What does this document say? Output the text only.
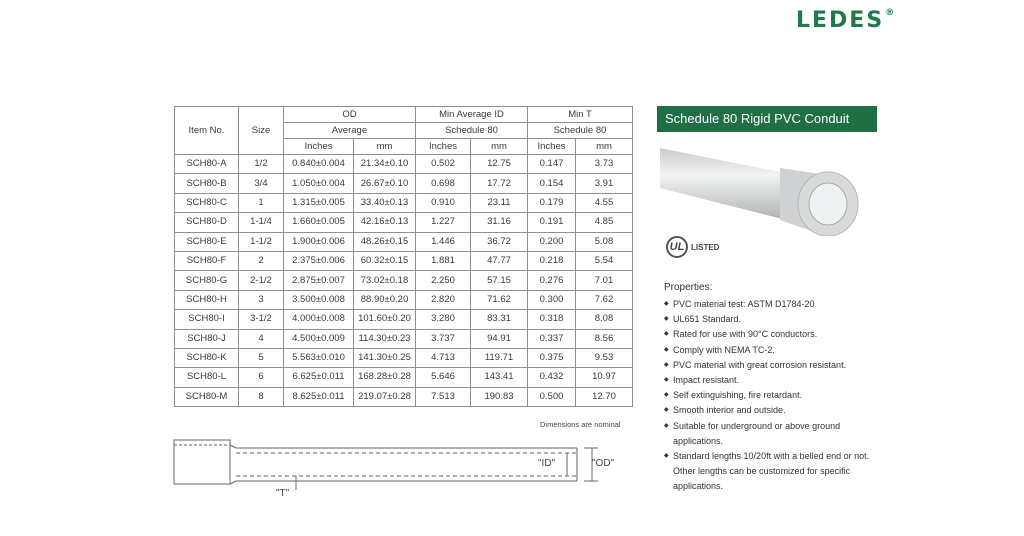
LEDES®
Item No.	Size	OD		Min Average ID		Min T	
		Average		Schedule 80		Schedule 80	
		Inches	mm	Inches	mm	Inches	mm
SCH80-A	1/2	0.840±0.004	21.34±0.10	0.502	12.75	0.147	3.73
SCH80-B	3/4	1.050±0.004	26.67±0.10	0.698	17.72	0.154	3.91
SCH80-C	1	1.315±0.005	33.40±0.13	0.910	23.11	0.179	4.55
SCH80-D	1-1/4	1.660±0.005	42.16±0.13	1.227	31.16	0.191	4.85
SCH80-E	1-1/2	1.900±0.006	48.26±0.15	1.446	36.72	0.200	5.08
SCH80-F	2	2.375±0.006	60.32±0.15	1.881	47.77	0.218	5.54
SCH80-G	2-1/2	2.875±0.007	73.02±0.18	2.250	57.15	0.276	7.01
SCH80-H	3	3.500±0.008	88.90±0.20	2.820	71.62	0.300	7.62
SCH80-I	3-1/2	4.000±0.008	101.60±0.20	3.280	83.31	0.318	8.08
SCH80-J	4	4.500±0.009	114.30±0.23	3.737	94.91	0.337	8.56
SCH80-K	5	5.563±0.010	141.30±0.25	4.713	119.71	0.375	9.53
SCH80-L	6	6.625±0.011	168.28±0.28	5.646	143.41	0.432	10.97
SCH80-M	8	8.625±0.011	219.07±0.28	7.513	190.83	0.500	12.70
Dimensions are nominal
"ID"	"OD"
"T"
Schedule 80 Rigid PVC Conduit
UL LISTED
Properties:
◆ PVC material test: ASTM D1784-20
◆ UL651 Standard.
◆ Rated for use with 90°C conductors.
◆ Comply with NEMA TC-2.
◆ PVC material with great corrosion resistant.
◆ Impact resistant.
◆ Self extinguishing, fire retardant.
◆ Smooth interior and outside.
◆ Suitable for underground or above ground applications.
◆ Standard lengths 10/20ft with a belled end or not. Other lengths can be customized for specific applications.
